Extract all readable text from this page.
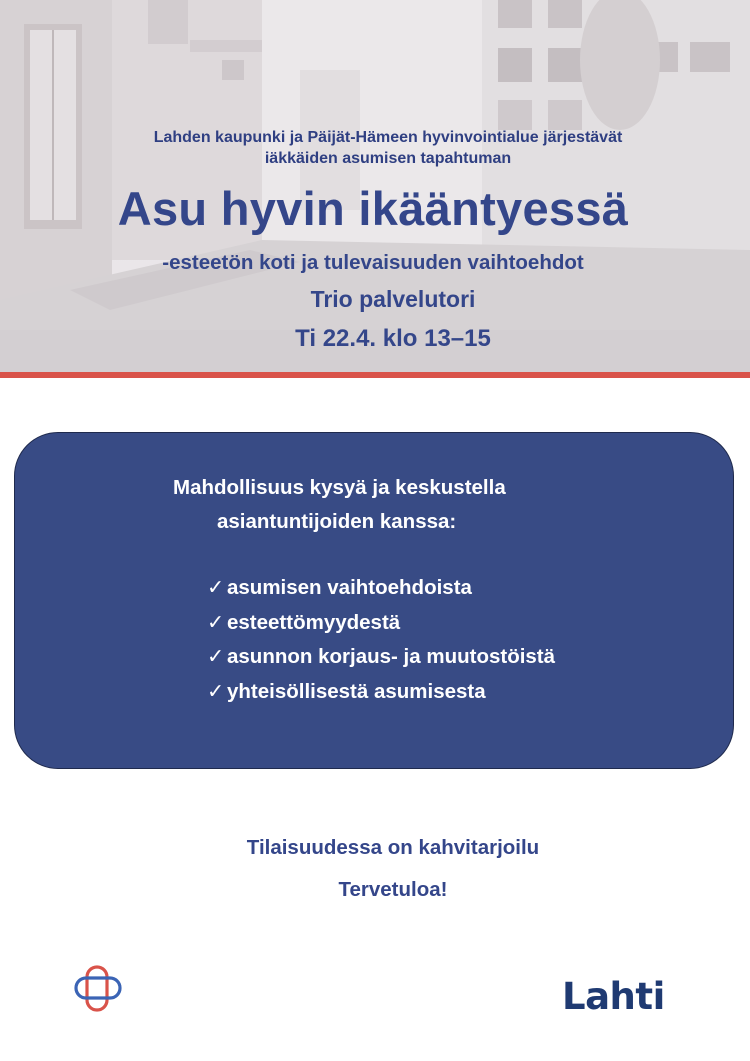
Lahden kaupunki ja Päijät-Hämeen hyvinvointialue järjestävät
iäkkäiden asumisen tapahtuman
Asu hyvin ikääntyessä
-esteetön koti ja tulevaisuuden vaihtoehdot
Trio palvelutori
Ti 22.4. klo 13–15
Mahdollisuus kysyä ja keskustella
asiantuntijoiden kanssa:
✓ asumisen vaihtoehdoista
✓ esteettömyydestä
✓ asunnon korjaus- ja muutostöistä
✓ yhteisöllisestä asumisesta
Tilaisuudessa on kahvitarjoilu
Tervetuloa!
Lahti
